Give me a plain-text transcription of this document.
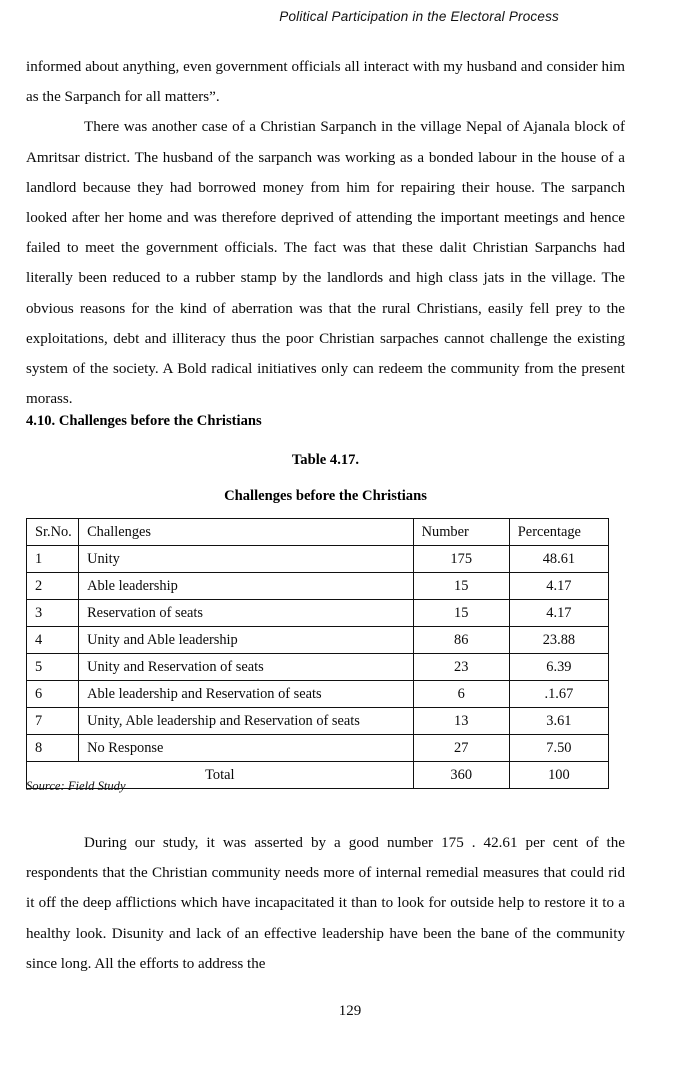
Political Participation in the Electoral Process

informed about anything, even government officials all interact with my husband and consider him as the Sarpanch for all matters”.

There was another case of a Christian Sarpanch in the village Nepal of Ajanala block of Amritsar district. The husband of the sarpanch was working as a bonded labour in the house of a landlord because they had borrowed money from him for repairing their house. The sarpanch looked after her home and was therefore deprived of attending the important meetings and hence failed to meet the government officials. The fact was that these dalit Christian Sarpanchs had literally been reduced to a rubber stamp by the landlords and high class jats in the village. The obvious reasons for the kind of aberration was that the rural Christians, easily fell prey to the exploitations, debt and illiteracy thus the poor Christian sarpaches cannot challenge the existing system of the society. A Bold radical initiatives only can redeem the community from the present morass.

4.10. Challenges before the Christians
Table 4.17.
Challenges before the Christians
Sr.No.	Challenges	Number	Percentage
1	Unity	175	48.61
2	Able leadership	15	4.17
3	Reservation of seats	15	4.17
4	Unity and Able leadership	86	23.88
5	Unity and Reservation of seats	23	6.39
6	Able leadership and Reservation of seats	6	.1.67
7	Unity, Able leadership and Reservation of seats	13	3.61
8	No Response	27	7.50
Total		360	100
Source: Field Study

During our study, it was asserted by a good number 175 . 42.61 per cent of the respondents that the Christian community needs more of internal remedial measures that could rid it off the deep afflictions which have incapacitated it than to look for outside help to restore it to a healthy look. Disunity and lack of an effective leadership have been the bane of the community since long. All the efforts to address the

129
